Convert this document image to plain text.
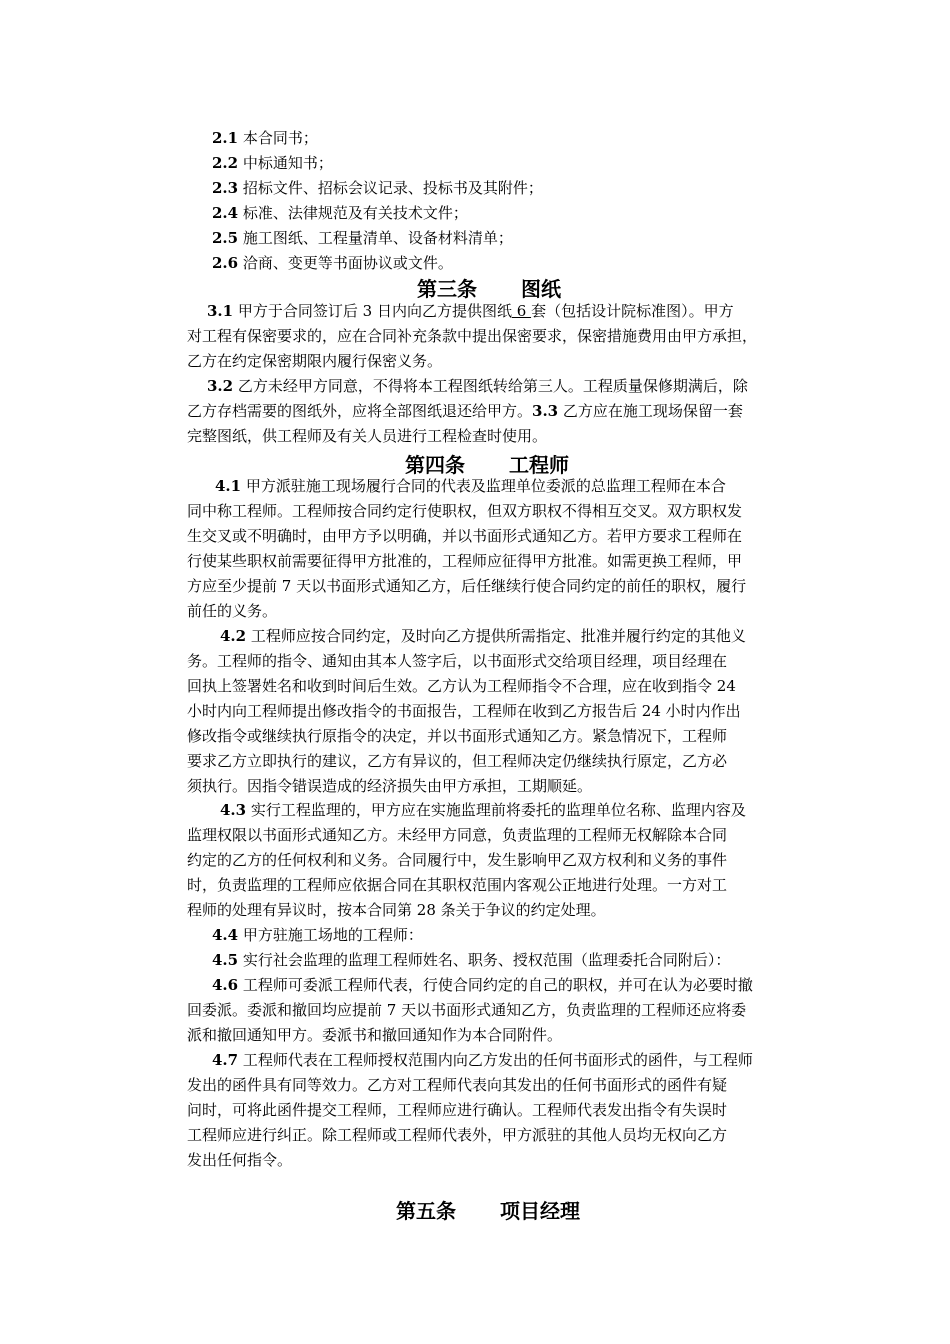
2.1 本合同书；
2.2 中标通知书；
2.3 招标文件、招标会议记录、投标书及其附件；
2.4 标准、法律规范及有关技术文件；
2.5 施工图纸、工程量清单、设备材料清单；
2.6 洽商、变更等书面协议或文件。
第三条 图纸
3.1 甲方于合同签订后 3 日内向乙方提供图纸 6 套（包括设计院标准图）。甲方
对工程有保密要求的，应在合同补充条款中提出保密要求，保密措施费用由甲方承担，
乙方在约定保密期限内履行保密义务。
3.2 乙方未经甲方同意，不得将本工程图纸转给第三人。工程质量保修期满后，除
乙方存档需要的图纸外，应将全部图纸退还给甲方。3.3 乙方应在施工现场保留一套
完整图纸，供工程师及有关人员进行工程检查时使用。
第四条 工程师
4.1 甲方派驻施工现场履行合同的代表及监理单位委派的总监理工程师在本合
同中称工程师。工程师按合同约定行使职权，但双方职权不得相互交叉。双方职权发
生交叉或不明确时，由甲方予以明确，并以书面形式通知乙方。若甲方要求工程师在
行使某些职权前需要征得甲方批准的，工程师应征得甲方批准。如需更换工程师，甲
方应至少提前 7 天以书面形式通知乙方，后任继续行使合同约定的前任的职权，履行
前任的义务。
4.2 工程师应按合同约定，及时向乙方提供所需指定、批准并履行约定的其他义
务。工程师的指令、通知由其本人签字后，以书面形式交给项目经理，项目经理在
回执上签署姓名和收到时间后生效。乙方认为工程师指令不合理，应在收到指令 24
小时内向工程师提出修改指令的书面报告，工程师在收到乙方报告后 24 小时内作出
修改指令或继续执行原指令的决定，并以书面形式通知乙方。紧急情况下，工程师
要求乙方立即执行的建议，乙方有异议的，但工程师决定仍继续执行原定，乙方必
须执行。因指令错误造成的经济损失由甲方承担，工期顺延。
4.3 实行工程监理的，甲方应在实施监理前将委托的监理单位名称、监理内容及
监理权限以书面形式通知乙方。未经甲方同意，负责监理的工程师无权解除本合同
约定的乙方的任何权利和义务。合同履行中，发生影响甲乙双方权利和义务的事件
时，负责监理的工程师应依据合同在其职权范围内客观公正地进行处理。一方对工
程师的处理有异议时，按本合同第 28 条关于争议的约定处理。
4.4 甲方驻施工场地的工程师：
4.5 实行社会监理的监理工程师姓名、职务、授权范围（监理委托合同附后）：
4.6 工程师可委派工程师代表，行使合同约定的自己的职权，并可在认为必要时撤
回委派。委派和撤回均应提前 7 天以书面形式通知乙方，负责监理的工程师还应将委
派和撤回通知甲方。委派书和撤回通知作为本合同附件。
4.7 工程师代表在工程师授权范围内向乙方发出的任何书面形式的函件，与工程师
发出的函件具有同等效力。乙方对工程师代表向其发出的任何书面形式的函件有疑
问时，可将此函件提交工程师，工程师应进行确认。工程师代表发出指令有失误时
工程师应进行纠正。除工程师或工程师代表外，甲方派驻的其他人员均无权向乙方
发出任何指令。
第五条 项目经理
